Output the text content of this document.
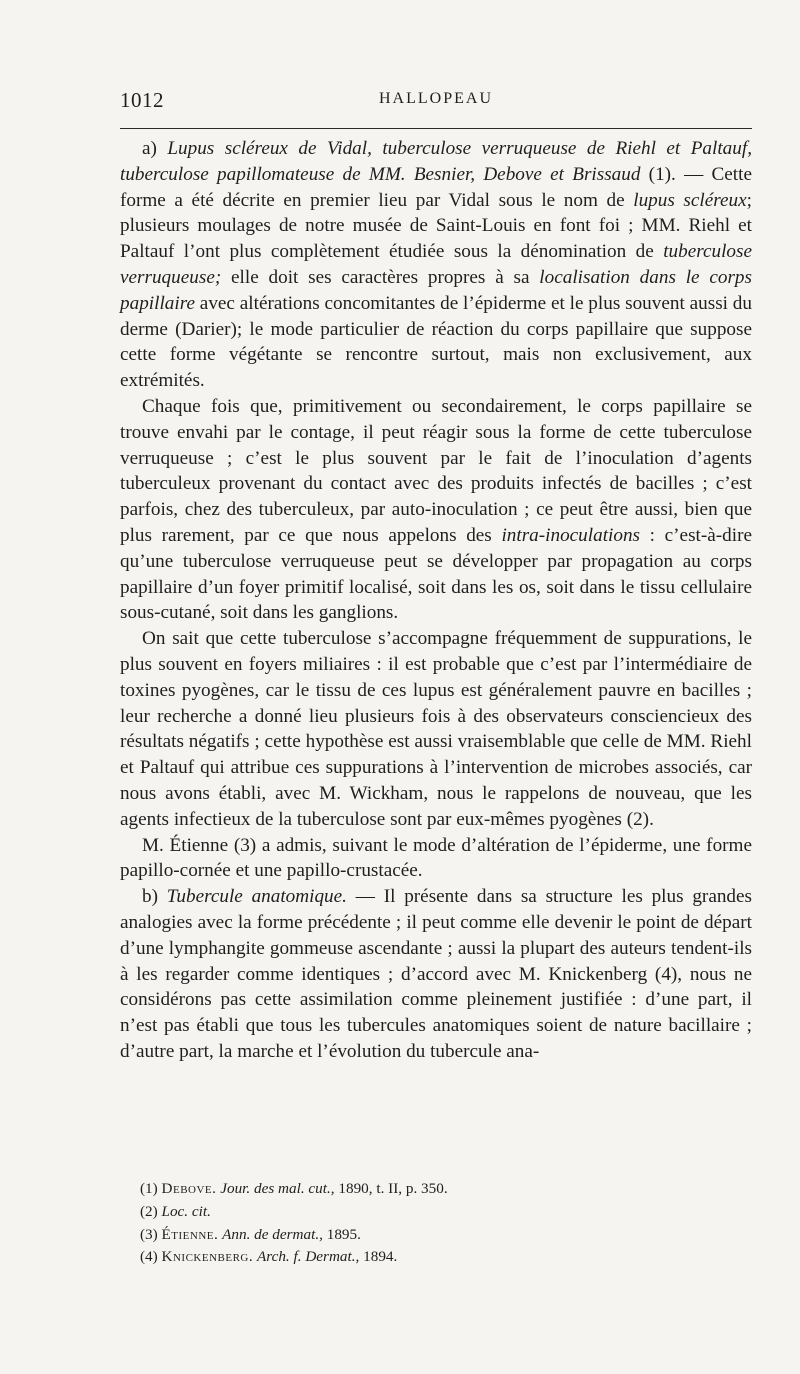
1012	HALLOPEAU

a) Lupus scléreux de Vidal, tuberculose verruqueuse de Riehl et Paltauf, tuberculose papillomateuse de MM. Besnier, Debove et Brissaud (1). — Cette forme a été décrite en premier lieu par Vidal sous le nom de lupus scléreux; plusieurs moulages de notre musée de Saint-Louis en font foi ; MM. Riehl et Paltauf l’ont plus complètement étudiée sous la dénomination de tuberculose verruqueuse; elle doit ses caractères propres à sa localisation dans le corps papillaire avec altérations concomitantes de l’épiderme et le plus souvent aussi du derme (Darier); le mode particulier de réaction du corps papillaire que suppose cette forme végétante se rencontre surtout, mais non exclusivement, aux extrémités.

Chaque fois que, primitivement ou secondairement, le corps papillaire se trouve envahi par le contage, il peut réagir sous la forme de cette tuberculose verruqueuse ; c’est le plus souvent par le fait de l’inoculation d’agents tuberculeux provenant du contact avec des produits infectés de bacilles ; c’est parfois, chez des tuberculeux, par auto-inoculation ; ce peut être aussi, bien que plus rarement, par ce que nous appelons des intra-inoculations : c’est-à-dire qu’une tuberculose verruqueuse peut se développer par propagation au corps papillaire d’un foyer primitif localisé, soit dans les os, soit dans le tissu cellulaire sous-cutané, soit dans les ganglions.

On sait que cette tuberculose s’accompagne fréquemment de suppurations, le plus souvent en foyers miliaires : il est probable que c’est par l’intermédiaire de toxines pyogènes, car le tissu de ces lupus est généralement pauvre en bacilles ; leur recherche a donné lieu plusieurs fois à des observateurs consciencieux des résultats négatifs ; cette hypothèse est aussi vraisemblable que celle de MM. Riehl et Paltauf qui attribue ces suppurations à l’intervention de microbes associés, car nous avons établi, avec M. Wickham, nous le rappelons de nouveau, que les agents infectieux de la tuberculose sont par eux-mêmes pyogènes (2).

M. Étienne (3) a admis, suivant le mode d’altération de l’épiderme, une forme papillo-cornée et une papillo-crustacée.

b) Tubercule anatomique. — Il présente dans sa structure les plus grandes analogies avec la forme précédente ; il peut comme elle devenir le point de départ d’une lymphangite gommeuse ascendante ; aussi la plupart des auteurs tendent-ils à les regarder comme identiques ; d’accord avec M. Knickenberg (4), nous ne considérons pas cette assimilation comme pleinement justifiée : d’une part, il n’est pas établi que tous les tubercules anatomiques soient de nature bacillaire ; d’autre part, la marche et l’évolution du tubercule ana-

(1) Debove. Jour. des mal. cut., 1890, t. II, p. 350.
(2) Loc. cit.
(3) Étienne. Ann. de dermat., 1895.
(4) Knickenberg. Arch. f. Dermat., 1894.
